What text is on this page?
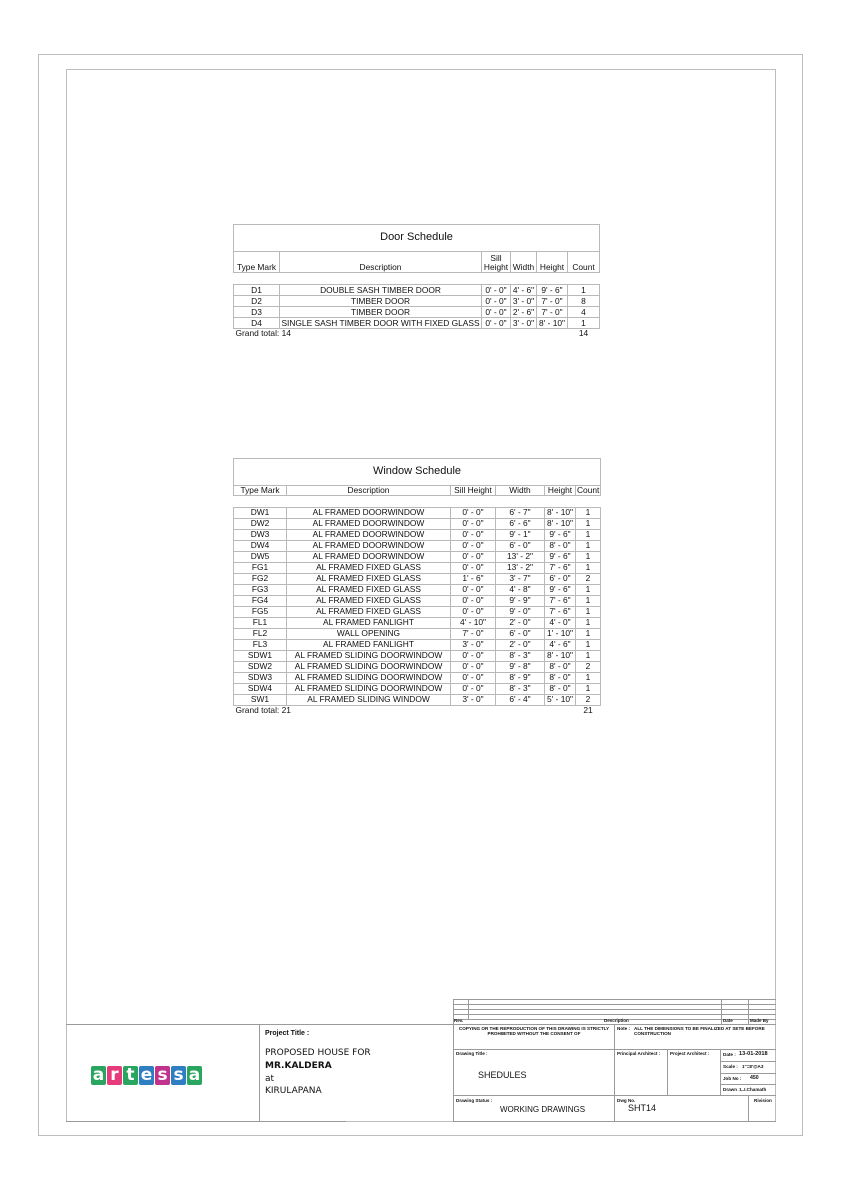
Door Schedule					
Type Mark	Description	Sill Height	Width	Height	Count

D1	DOUBLE SASH TIMBER DOOR	0' - 0"	4' - 6"	9' - 6"	1
D2	TIMBER DOOR	0' - 0"	3' - 0"	7' - 0"	8
D3	TIMBER DOOR	0' - 0"	2' - 6"	7' - 0"	4
D4	SINGLE SASH TIMBER DOOR WITH FIXED GLASS	0' - 0"	3' - 0"	8' - 10"	1
Grand total: 14					14
Window Schedule					
Type Mark	Description	Sill Height	Width	Height	Count

DW1	AL FRAMED DOORWINDOW	0' - 0"	6' - 7"	8' - 10"	1
DW2	AL FRAMED DOORWINDOW	0' - 0"	6' - 6"	8' - 10"	1
DW3	AL FRAMED DOORWINDOW	0' - 0"	9' - 1"	9' - 6"	1
DW4	AL FRAMED DOORWINDOW	0' - 0"	6' - 0"	8' - 0"	1
DW5	AL FRAMED DOORWINDOW	0' - 0"	13' - 2"	9' - 6"	1
FG1	AL FRAMED FIXED GLASS	0' - 0"	13' - 2"	7' - 6"	1
FG2	AL FRAMED FIXED GLASS	1' - 6"	3' - 7"	6' - 0"	2
FG3	AL FRAMED FIXED GLASS	0' - 0"	4' - 8"	9' - 6"	1
FG4	AL FRAMED FIXED GLASS	0' - 0"	9' - 9"	7' - 6"	1
FG5	AL FRAMED FIXED GLASS	0' - 0"	9' - 0"	7' - 6"	1
FL1	AL FRAMED FANLIGHT	4' - 10"	2' - 0"	4' - 0"	1
FL2	WALL OPENING	7' - 0"	6' - 0"	1' - 10"	1
FL3	AL FRAMED FANLIGHT	3' - 0"	2' - 0"	4' - 6"	1
SDW1	AL FRAMED SLIDING DOORWINDOW	0' - 0"	8' - 3"	8' - 10"	1
SDW2	AL FRAMED SLIDING DOORWINDOW	0' - 0"	9' - 8"	8' - 0"	2
SDW3	AL FRAMED SLIDING DOORWINDOW	0' - 0"	8' - 9"	8' - 0"	1
SDW4	AL FRAMED SLIDING DOORWINDOW	0' - 0"	8' - 3"	8' - 0"	1
SW1	AL FRAMED SLIDING WINDOW	3' - 0"	6' - 4"	5' - 10"	2
Grand total: 21					21
Rev.	Description	Date	Made By
a r t e s s a
Project Title :
PROPOSED HOUSE FOR
MR.KALDERA
at
KIRULAPANA
COPYING OR THE REPRODUCTION OF THIS DRAWING IS STRICTLY PROHIBITED WITHOUT THE CONSENT OF
Note : ALL THE DIMENSIONS TO BE FINALIZED AT SETE BEFORE CONSTRUCTION
Drawing Title :
SHEDULES
Principal Architect : Project Architect :	Date : 13-01-2018
Scale : 1"=8'@A3
Job No : 450
Drawn : L.I.Chamath
Drawing Status :
WORKING DRAWINGS
Dwg No.
SHT14
Rivision
